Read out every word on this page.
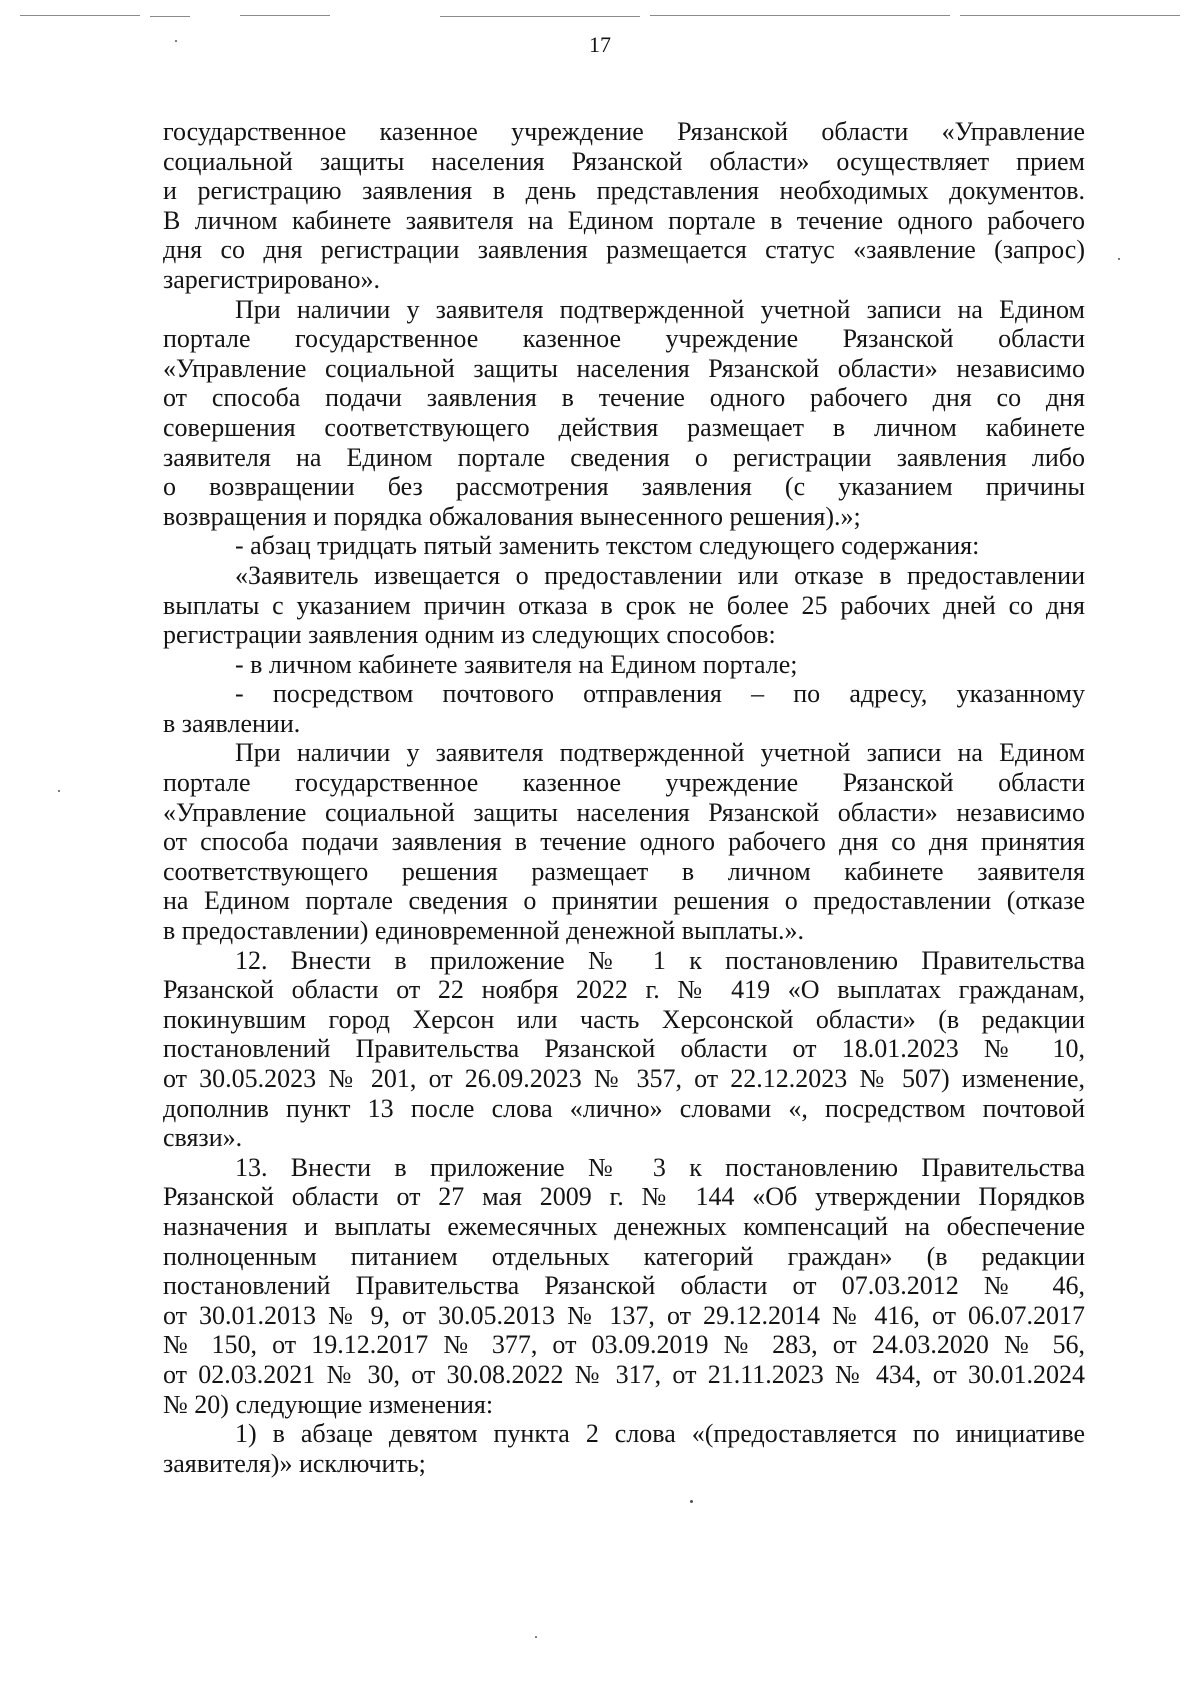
17
государственное казенное учреждение Рязанской области «Управление
социальной защиты населения Рязанской области» осуществляет прием
и регистрацию заявления в день представления необходимых документов.
В личном кабинете заявителя на Едином портале в течение одного рабочего
дня со дня регистрации заявления размещается статус «заявление (запрос)
зарегистрировано».
При наличии у заявителя подтвержденной учетной записи на Едином
портале государственное казенное учреждение Рязанской области
«Управление социальной защиты населения Рязанской области» независимо
от способа подачи заявления в течение одного рабочего дня со дня
совершения соответствующего действия размещает в личном кабинете
заявителя на Едином портале сведения о регистрации заявления либо
о возвращении без рассмотрения заявления (с указанием причины
возвращения и порядка обжалования вынесенного решения).»;
- абзац тридцать пятый заменить текстом следующего содержания:
«Заявитель извещается о предоставлении или отказе в предоставлении
выплаты с указанием причин отказа в срок не более 25 рабочих дней со дня
регистрации заявления одним из следующих способов:
- в личном кабинете заявителя на Едином портале;
- посредством почтового отправления – по адресу, указанному
в заявлении.
При наличии у заявителя подтвержденной учетной записи на Едином
портале государственное казенное учреждение Рязанской области
«Управление социальной защиты населения Рязанской области» независимо
от способа подачи заявления в течение одного рабочего дня со дня принятия
соответствующего решения размещает в личном кабинете заявителя
на Едином портале сведения о принятии решения о предоставлении (отказе
в предоставлении) единовременной денежной выплаты.».
12. Внести в приложение № 1 к постановлению Правительства
Рязанской области от 22 ноября 2022 г. № 419 «О выплатах гражданам,
покинувшим город Херсон или часть Херсонской области» (в редакции
постановлений Правительства Рязанской области от 18.01.2023 № 10,
от 30.05.2023 № 201, от 26.09.2023 № 357, от 22.12.2023 № 507) изменение,
дополнив пункт 13 после слова «лично» словами «, посредством почтовой
связи».
13. Внести в приложение № 3 к постановлению Правительства
Рязанской области от 27 мая 2009 г. № 144 «Об утверждении Порядков
назначения и выплаты ежемесячных денежных компенсаций на обеспечение
полноценным питанием отдельных категорий граждан» (в редакции
постановлений Правительства Рязанской области от 07.03.2012 № 46,
от 30.01.2013 № 9, от 30.05.2013 № 137, от 29.12.2014 № 416, от 06.07.2017
№ 150, от 19.12.2017 № 377, от 03.09.2019 № 283, от 24.03.2020 № 56,
от 02.03.2021 № 30, от 30.08.2022 № 317, от 21.11.2023 № 434, от 30.01.2024
№ 20) следующие изменения:
1) в абзаце девятом пункта 2 слова «(предоставляется по инициативе
заявителя)» исключить;
